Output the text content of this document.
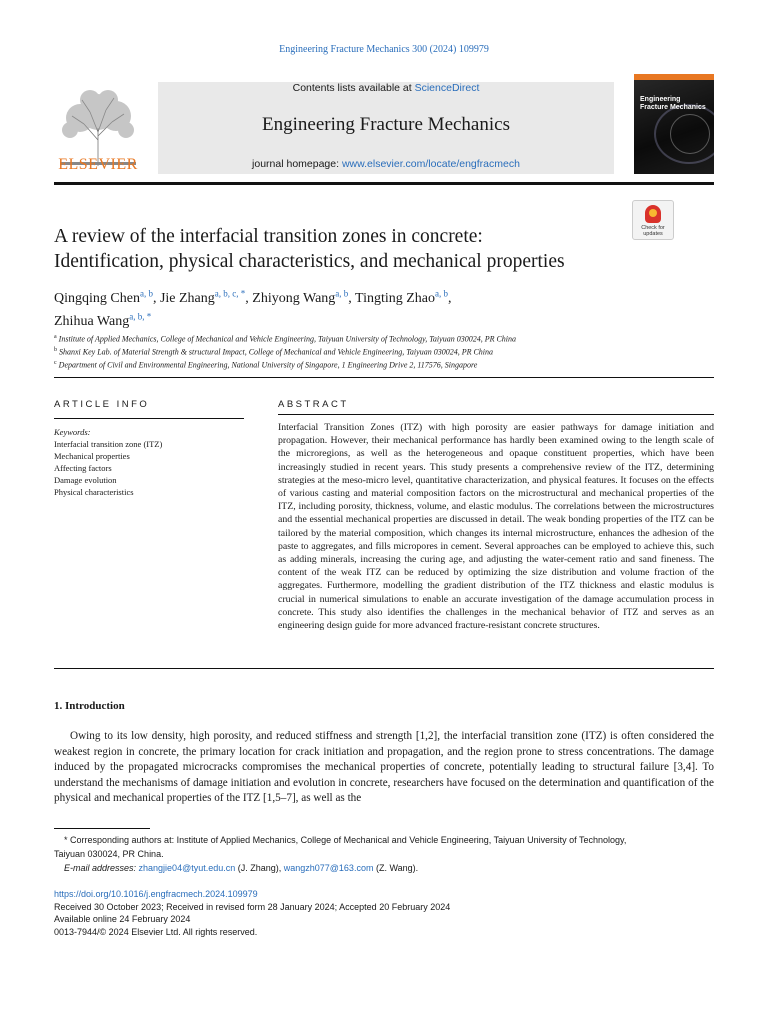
Engineering Fracture Mechanics 300 (2024) 109979
ELSEVIER
Contents lists available at ScienceDirect
Engineering Fracture Mechanics
journal homepage: www.elsevier.com/locate/engfracmech
Engineering
Fracture Mechanics
Check for
updates
A review of the interfacial transition zones in concrete:
Identification, physical characteristics, and mechanical properties
Qingqing Chen$^{a, b}$, Jie Zhang$^{a, b, c, *}$, Zhiyong Wang$^{a, b}$, Tingting Zhao$^{a, b}$,
Zhihua Wang$^{a, b, *}$
$^a$ Institute of Applied Mechanics, College of Mechanical and Vehicle Engineering, Taiyuan University of Technology, Taiyuan 030024, PR China
$^b$ Shanxi Key Lab. of Material Strength & structural Impact, College of Mechanical and Vehicle Engineering, Taiyuan 030024, PR China
$^c$ Department of Civil and Environmental Engineering, National University of Singapore, 1 Engineering Drive 2, 117576, Singapore
ARTICLE INFO	ABSTRACT
Keywords:
Interfacial transition zone (ITZ)
Mechanical properties
Affecting factors
Damage evolution
Physical characteristics
Interfacial Transition Zones (ITZ) with high porosity are easier pathways for damage initiation and propagation. However, their mechanical performance has hardly been examined owing to the length scale of the microregions, as well as the heterogeneous and opaque constituent properties, which have been increasingly studied in recent years. This study presents a comprehensive review of the ITZ, determining strategies at the meso-micro level, quantitative characterization, and physical features. It focuses on the effects of various casting and material composition factors on the microstructural and mechanical properties of the ITZ, including porosity, thickness, volume, and elastic modulus. The correlations between the microstructures and the essential mechanical properties are discussed in detail. The weak bonding properties of the ITZ can be tailored by the material composition, which changes its internal microstructure, enhances the adhesion of the paste to aggregates, and fills micropores in cement. Several approaches can be employed to achieve this, such as adding minerals, increasing the curing age, and adjusting the water-cement ratio and sand fineness. The content of the weak ITZ can be reduced by optimizing the size distribution and volume fraction of the aggregates. Furthermore, modelling the gradient distribution of the ITZ thickness and elastic modulus is crucial in numerical simulations to enable an accurate investigation of the damage accumulation process in concrete. This study also identifies the challenges in the mechanical behavior of ITZ and serves as an engineering design guide for more advanced fracture-resistant concrete structures.
1. Introduction
Owing to its low density, high porosity, and reduced stiffness and strength [1,2], the interfacial transition zone (ITZ) is often considered the weakest region in concrete, the primary location for crack initiation and propagation, and the region prone to stress concentrations. The damage induced by the propagated microcracks compromises the mechanical properties of concrete, potentially leading to structural failure [3,4]. To understand the mechanisms of damage initiation and evolution in concrete, researchers have focused on the determination and quantification of the physical and mechanical properties of the ITZ [1,5–7], as well as the
* Corresponding authors at: Institute of Applied Mechanics, College of Mechanical and Vehicle Engineering, Taiyuan University of Technology,
Taiyuan 030024, PR China.
E-mail addresses: zhangjie04@tyut.edu.cn (J. Zhang), wangzh077@163.com (Z. Wang).
https://doi.org/10.1016/j.engfracmech.2024.109979
Received 30 October 2023; Received in revised form 28 January 2024; Accepted 20 February 2024
Available online 24 February 2024
0013-7944/© 2024 Elsevier Ltd. All rights reserved.
